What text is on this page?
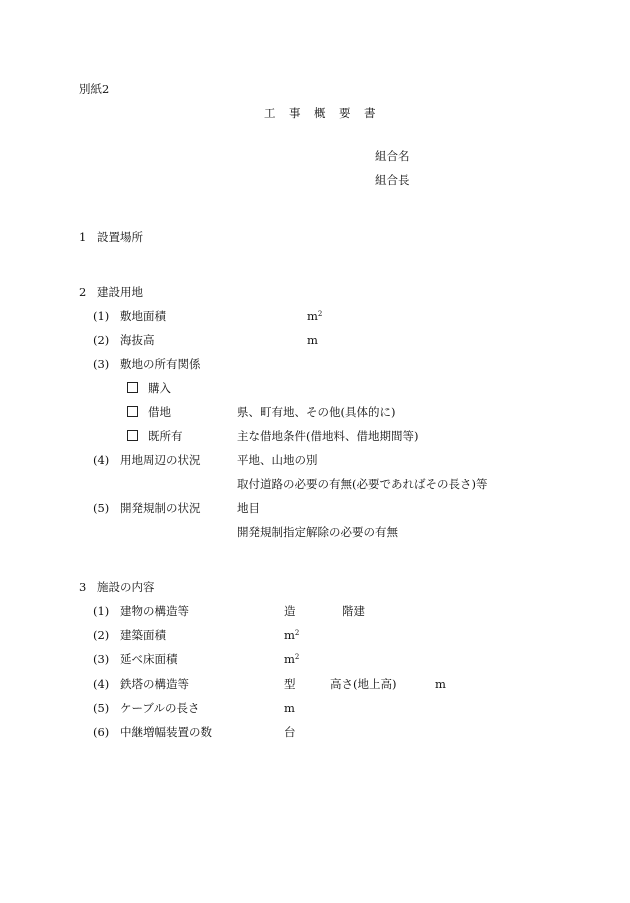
別紙2
工事概要書
組合名
組合長
1 設置場所
2 建設用地
(1) 敷地面積	$m^2$
(2) 海抜高	m
(3) 敷地の所有関係
購入
借地	県、町有地、その他(具体的に)
既所有	主な借地条件(借地料、借地期間等)
(4) 用地周辺の状況	平地、山地の別
取付道路の必要の有無(必要であればその長さ)等
(5) 開発規制の状況	地目
開発規制指定解除の必要の有無
3 施設の内容
(1) 建物の構造等	造	階建
(2) 建築面積	$m^2$
(3) 延べ床面積	$m^2$
(4) 鉄塔の構造等	型	高さ(地上高)	m
(5) ケーブルの長さ	m
(6) 中継増幅装置の数	台
